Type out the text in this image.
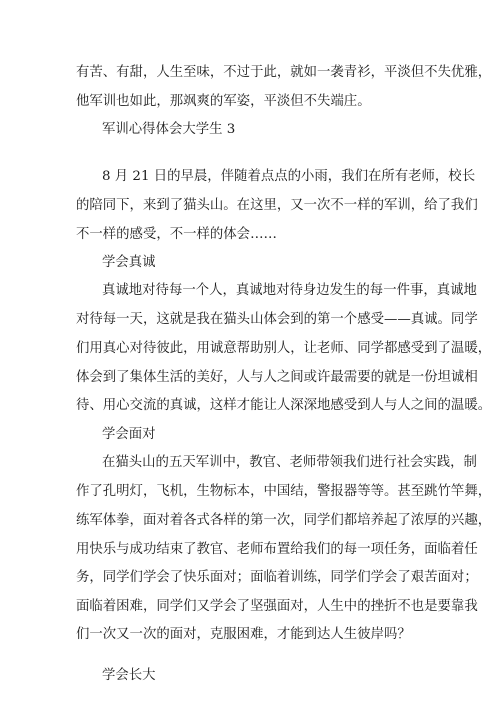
有苦、有甜，人生至味，不过于此，就如一袭青衫，平淡但不失优雅，
他军训也如此，那飒爽的军姿，平淡但不失端庄。
军训心得体会大学生 3
8 月 21 日的早晨，伴随着点点的小雨，我们在所有老师，校长
的陪同下，来到了猫头山。在这里，又一次不一样的军训，给了我们
不一样的感受，不一样的体会……
学会真诚
真诚地对待每一个人，真诚地对待身边发生的每一件事，真诚地
对待每一天，这就是我在猫头山体会到的第一个感受——真诚。同学
们用真心对待彼此，用诚意帮助别人，让老师、同学都感受到了温暖，
体会到了集体生活的美好，人与人之间或许最需要的就是一份坦诚相
待、用心交流的真诚，这样才能让人深深地感受到人与人之间的温暖。
学会面对
在猫头山的五天军训中，教官、老师带领我们进行社会实践，制
作了孔明灯，飞机，生物标本，中国结，警报器等等。甚至跳竹竿舞，
练军体拳，面对着各式各样的第一次，同学们都培养起了浓厚的兴趣，
用快乐与成功结束了教官、老师布置给我们的每一项任务，面临着任
务，同学们学会了快乐面对；面临着训练，同学们学会了艰苦面对；
面临着困难，同学们又学会了坚强面对，人生中的挫折不也是要靠我
们一次又一次的面对，克服困难，才能到达人生彼岸吗？
学会长大
